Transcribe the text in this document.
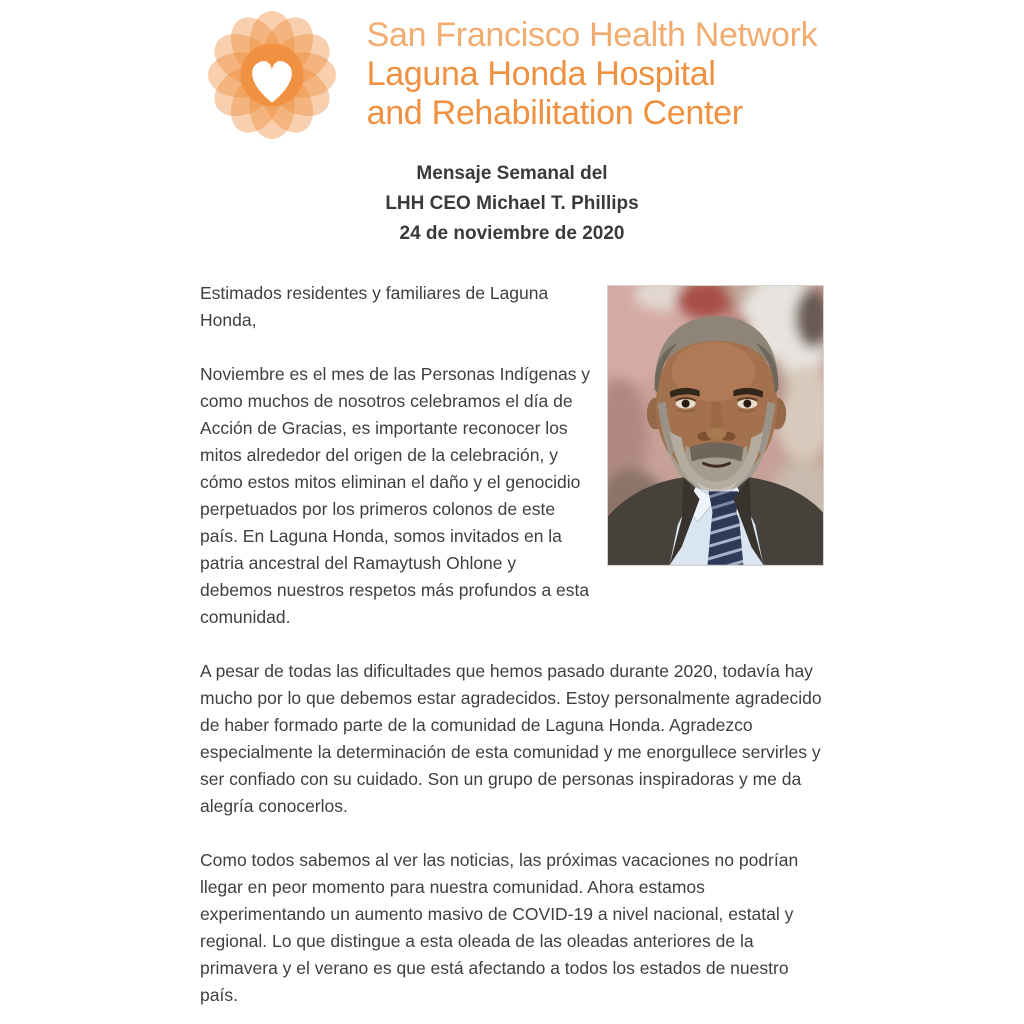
San Francisco Health Network
Laguna Honda Hospital
and Rehabilitation Center
Mensaje Semanal del
LHH CEO Michael T. Phillips
24 de noviembre de 2020

Estimados residentes y familiares de Laguna Honda,

Noviembre es el mes de las Personas Indígenas y como muchos de nosotros celebramos el día de Acción de Gracias, es importante reconocer los mitos alrededor del origen de la celebración, y cómo estos mitos eliminan el daño y el genocidio perpetuados por los primeros colonos de este país. En Laguna Honda, somos invitados en la patria ancestral del Ramaytush Ohlone y debemos nuestros respetos más profundos a esta comunidad.

A pesar de todas las dificultades que hemos pasado durante 2020, todavía hay mucho por lo que debemos estar agradecidos. Estoy personalmente agradecido de haber formado parte de la comunidad de Laguna Honda. Agradezco especialmente la determinación de esta comunidad y me enorgullece servirles y ser confiado con su cuidado. Son un grupo de personas inspiradoras y me da alegría conocerlos.

Como todos sabemos al ver las noticias, las próximas vacaciones no podrían llegar en peor momento para nuestra comunidad. Ahora estamos experimentando un aumento masivo de COVID-19 a nivel nacional, estatal y regional. Lo que distingue a esta oleada de las oleadas anteriores de la primavera y el verano es que está afectando a todos los estados de nuestro país.
